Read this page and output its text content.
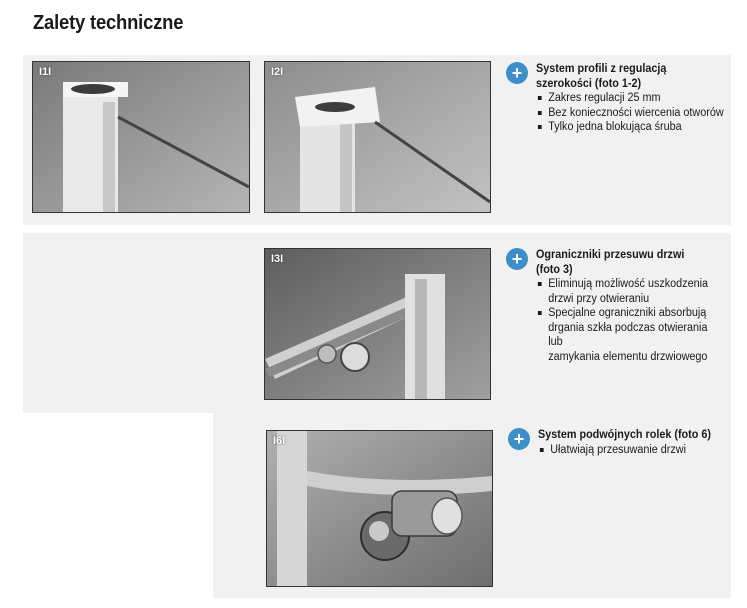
Zalety techniczne
I1I	I2I
I3I
I6I
+	System profili z regulacją
szerokości (foto 1-2)
Zakres regulacji 25 mm
Bez konieczności wiercenia otworów
Tylko jedna blokująca śruba
+	Ograniczniki przesuwu drzwi
(foto 3)
Eliminują możliwość uszkodzenia
drzwi przy otwieraniu
Specjalne ograniczniki absorbują
drgania szkła podczas otwierania lub
zamykania elementu drzwiowego
+	System podwójnych rolek (foto 6)
Ułatwiają przesuwanie drzwi
